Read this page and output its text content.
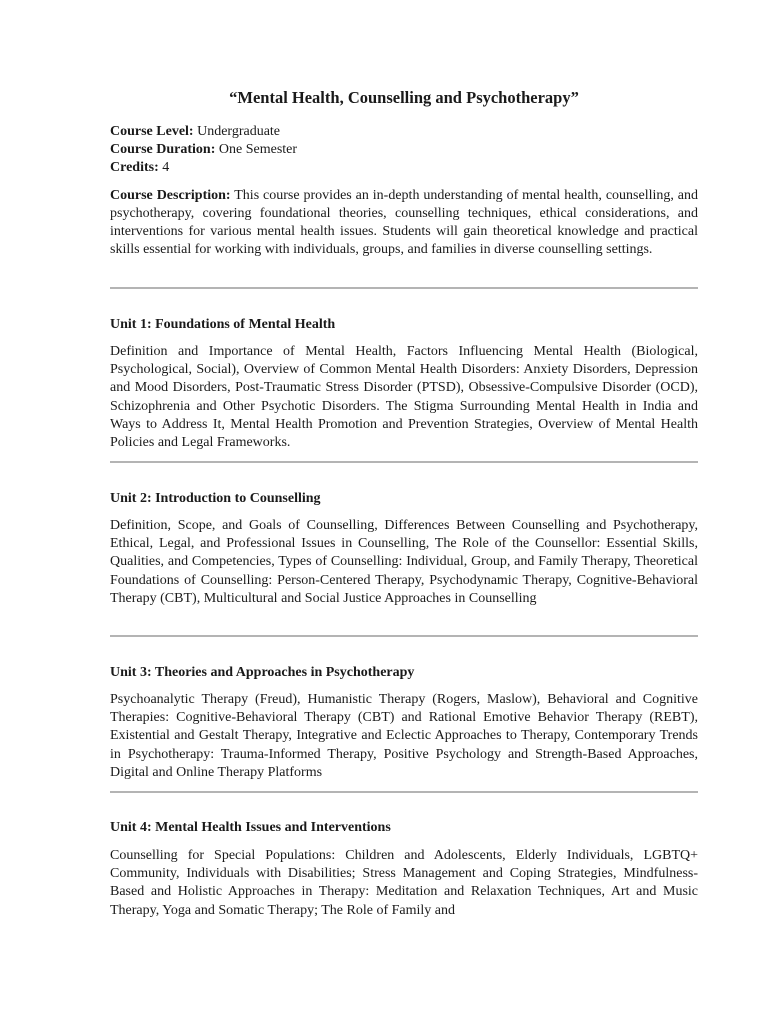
“Mental Health, Counselling and Psychotherapy”
Course Level: Undergraduate
Course Duration: One Semester
Credits: 4

Course Description: This course provides an in-depth understanding of mental health, counselling, and psychotherapy, covering foundational theories, counselling techniques, ethical considerations, and interventions for various mental health issues. Students will gain theoretical knowledge and practical skills essential for working with individuals, groups, and families in diverse counselling settings.

Unit 1: Foundations of Mental Health

Definition and Importance of Mental Health, Factors Influencing Mental Health (Biological, Psychological, Social), Overview of Common Mental Health Disorders: Anxiety Disorders, Depression and Mood Disorders, Post-Traumatic Stress Disorder (PTSD), Obsessive-Compulsive Disorder (OCD), Schizophrenia and Other Psychotic Disorders. The Stigma Surrounding Mental Health in India and Ways to Address It, Mental Health Promotion and Prevention Strategies, Overview of Mental Health Policies and Legal Frameworks.

Unit 2: Introduction to Counselling

Definition, Scope, and Goals of Counselling, Differences Between Counselling and Psychotherapy, Ethical, Legal, and Professional Issues in Counselling, The Role of the Counsellor: Essential Skills, Qualities, and Competencies, Types of Counselling: Individual, Group, and Family Therapy, Theoretical Foundations of Counselling: Person-Centered Therapy, Psychodynamic Therapy, Cognitive-Behavioral Therapy (CBT), Multicultural and Social Justice Approaches in Counselling

Unit 3: Theories and Approaches in Psychotherapy

Psychoanalytic Therapy (Freud), Humanistic Therapy (Rogers, Maslow), Behavioral and Cognitive Therapies: Cognitive-Behavioral Therapy (CBT) and Rational Emotive Behavior Therapy (REBT), Existential and Gestalt Therapy, Integrative and Eclectic Approaches to Therapy, Contemporary Trends in Psychotherapy: Trauma-Informed Therapy, Positive Psychology and Strength-Based Approaches, Digital and Online Therapy Platforms

Unit 4: Mental Health Issues and Interventions

Counselling for Special Populations: Children and Adolescents, Elderly Individuals, LGBTQ+ Community, Individuals with Disabilities; Stress Management and Coping Strategies, Mindfulness-Based and Holistic Approaches in Therapy: Meditation and Relaxation Techniques, Art and Music Therapy, Yoga and Somatic Therapy; The Role of Family and
